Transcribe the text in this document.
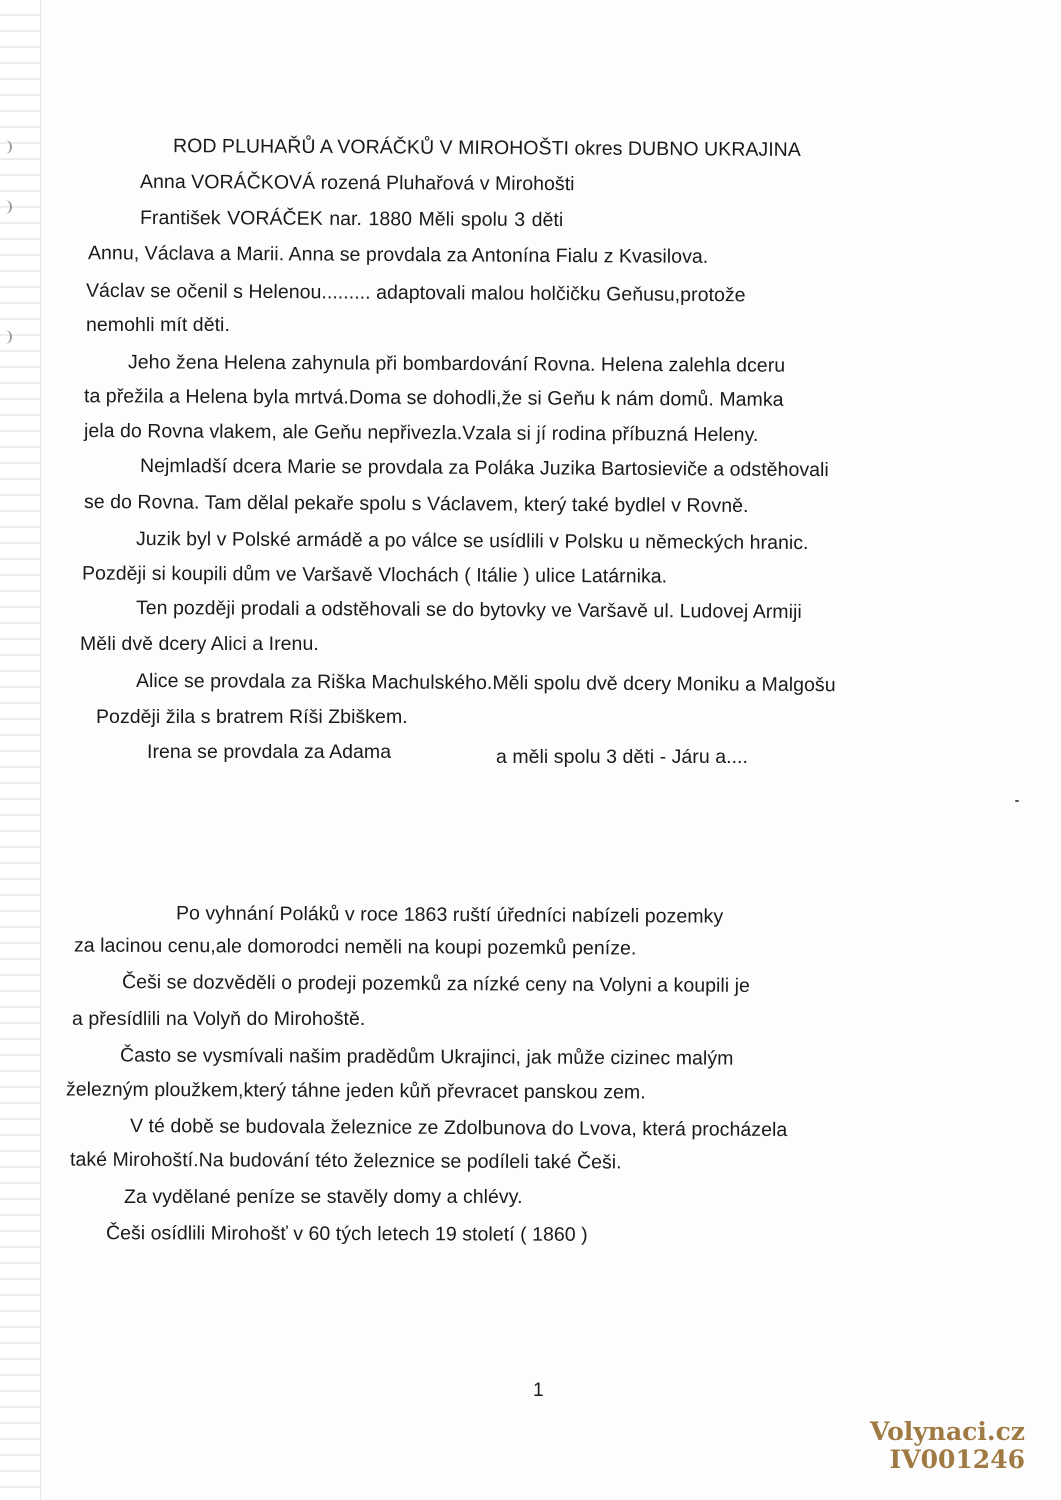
ROD PLUHAŘŮ A VORÁČKŮ V MIROHOŠTI okres DUBNO UKRAJINA
Anna VORÁČKOVÁ rozená Pluhařová v Mirohošti
František VORÁČEK nar. 1880 Měli spolu 3 děti
Annu, Václava a Marii. Anna se provdala za Antonína Fialu z Kvasilova.
Václav se očenil s Helenou......... adaptovali malou holčičku Geňusu,protože
nemohli mít děti.
Jeho žena Helena zahynula při bombardování Rovna. Helena zalehla dceru
ta přežila a Helena byla mrtvá.Doma se dohodli,že si Geňu k nám domů. Mamka
jela do Rovna vlakem, ale Geňu nepřivezla.Vzala si jí rodina příbuzná Heleny.
Nejmladší dcera Marie se provdala za Poláka Juzika Bartosieviče a odstěhovali
se do Rovna. Tam dělal pekaře spolu s Václavem, který také bydlel v Rovně.
Juzik byl v Polské armádě a po válce se usídlili v Polsku u německých hranic.
Později si koupili dům ve Varšavě Vlochách ( Itálie ) ulice Latárnika.
Ten později prodali a odstěhovali se do bytovky ve Varšavě ul. Ludovej Armiji
Měli dvě dcery Alici a Irenu.
Alice se provdala za Riška Machulského.Měli spolu dvě dcery Moniku a Malgošu
Později žila s bratrem Ríši Zbiškem.
Irena se provdala za Adama	a měli spolu 3 děti - Járu a....
Po vyhnání Poláků v roce 1863 ruští úředníci nabízeli pozemky
za lacinou cenu,ale domorodci neměli na koupi pozemků peníze.
Češi se dozvěděli o prodeji pozemků za nízké ceny na Volyni a koupili je
a přesídlili na Volyň do Mirohoště.
Často se vysmívali našim pradědům Ukrajinci, jak může cizinec malým
železným ploužkem,který táhne jeden kůň převracet panskou zem.
V té době se budovala železnice ze Zdolbunova do Lvova, která procházela
také Mirohoští.Na budování této železnice se podíleli také Češi.
Za vydělané peníze se stavěly domy a chlévy.
Češi osídlili Mirohošť v 60 tých letech 19 století ( 1860 )
1
Volynaci.cz
IV001246
